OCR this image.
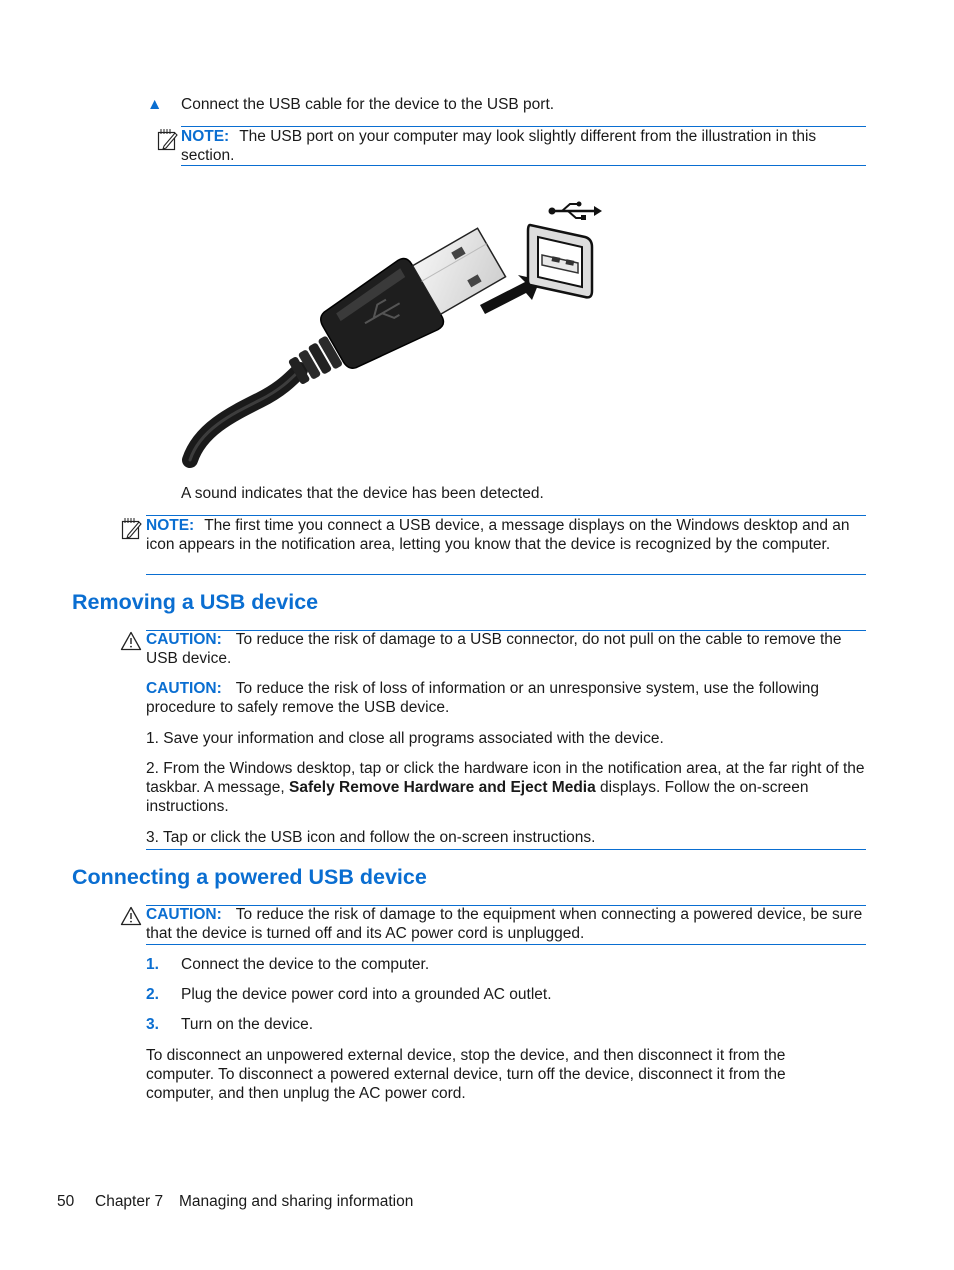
▲ Connect the USB cable for the device to the USB port.
NOTE: The USB port on your computer may look slightly different from the illustration in this section.
A sound indicates that the device has been detected.
NOTE: The first time you connect a USB device, a message displays on the Windows desktop and an icon appears in the notification area, letting you know that the device is recognized by the computer.
Removing a USB device
CAUTION: To reduce the risk of damage to a USB connector, do not pull on the cable to remove the USB device.
CAUTION: To reduce the risk of loss of information or an unresponsive system, use the following procedure to safely remove the USB device.
1. Save your information and close all programs associated with the device.
2. From the Windows desktop, tap or click the hardware icon in the notification area, at the far right of the taskbar. A message, Safely Remove Hardware and Eject Media displays. Follow the on-screen instructions.
3. Tap or click the USB icon and follow the on-screen instructions.
Connecting a powered USB device
CAUTION: To reduce the risk of damage to the equipment when connecting a powered device, be sure that the device is turned off and its AC power cord is unplugged.
1. Connect the device to the computer.
2. Plug the device power cord into a grounded AC outlet.
3. Turn on the device.
To disconnect an unpowered external device, stop the device, and then disconnect it from the computer. To disconnect a powered external device, turn off the device, disconnect it from the computer, and then unplug the AC power cord.
50 Chapter 7 Managing and sharing information
